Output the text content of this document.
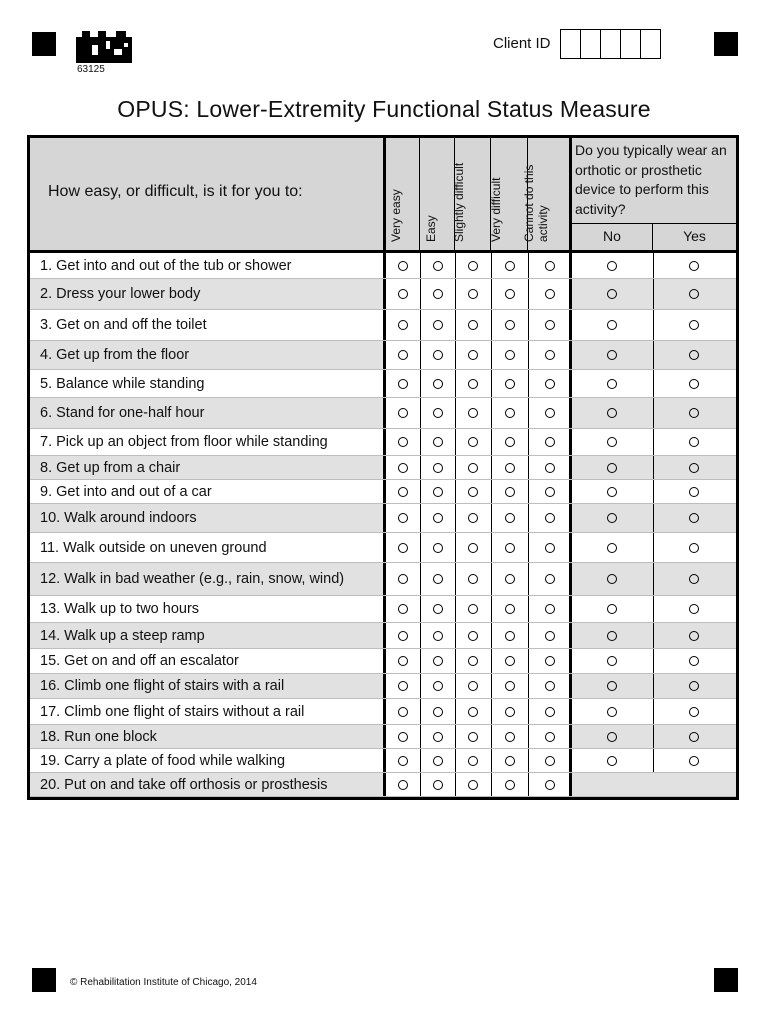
63125
Client ID
OPUS: Lower-Extremity Functional Status Measure
How easy, or difficult, is it for you to:	Very easy Easy Slightly difficult Very difficult Cannot do this activity
Do you typically wear an orthotic or prosthetic device to perform this activity?
No	Yes
1. Get into and out of the tub or shower
2. Dress your lower body
3. Get on and off the toilet
4. Get up from the floor
5. Balance while standing
6. Stand for one-half hour
7. Pick up an object from floor while standing
8. Get up from a chair
9. Get into and out of a car
10. Walk around indoors
11. Walk outside on uneven ground
12. Walk in bad weather (e.g., rain, snow, wind)
13. Walk up to two hours
14. Walk up a steep ramp
15. Get on and off an escalator
16. Climb one flight of stairs with a rail
17. Climb one flight of stairs without a rail
18. Run one block
19. Carry a plate of food while walking
20. Put on and take off orthosis or prosthesis
© Rehabilitation Institute of Chicago, 2014
